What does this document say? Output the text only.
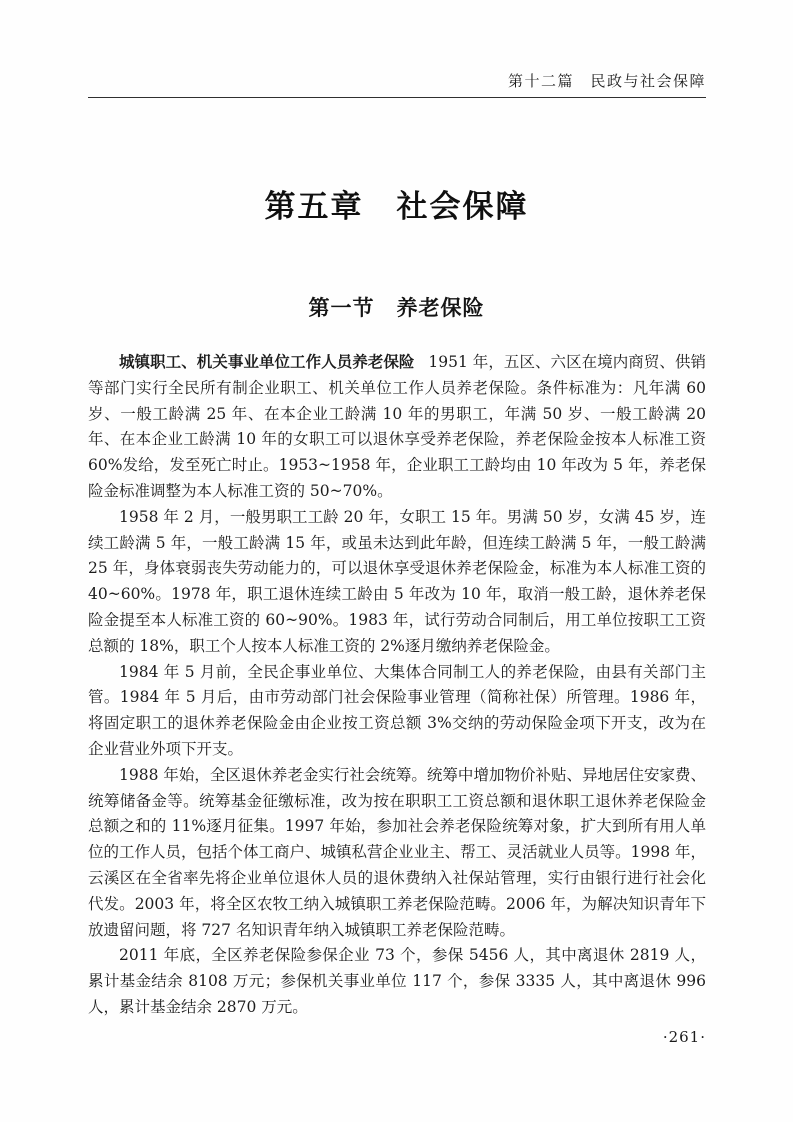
第十二篇　民政与社会保障
第五章　社会保障
第一节　养老保险

城镇职工、机关事业单位工作人员养老保险 1951 年，五区、六区在境内商贸、供销等部门实行全民所有制企业职工、机关单位工作人员养老保险。条件标准为：凡年满 60 岁、一般工龄满 25 年、在本企业工龄满 10 年的男职工，年满 50 岁、一般工龄满 20 年、在本企业工龄满 10 年的女职工可以退休享受养老保险，养老保险金按本人标准工资 60%发给，发至死亡时止。1953~1958 年，企业职工工龄均由 10 年改为 5 年，养老保险金标准调整为本人标准工资的 50~70%。

1958 年 2 月，一般男职工工龄 20 年，女职工 15 年。男满 50 岁，女满 45 岁，连续工龄满 5 年，一般工龄满 15 年，或虽未达到此年龄，但连续工龄满 5 年，一般工龄满 25 年，身体衰弱丧失劳动能力的，可以退休享受退休养老保险金，标准为本人标准工资的 40~60%。1978 年，职工退休连续工龄由 5 年改为 10 年，取消一般工龄，退休养老保险金提至本人标准工资的 60~90%。1983 年，试行劳动合同制后，用工单位按职工工资总额的 18%，职工个人按本人标准工资的 2%逐月缴纳养老保险金。

1984 年 5 月前，全民企事业单位、大集体合同制工人的养老保险，由县有关部门主管。1984 年 5 月后，由市劳动部门社会保险事业管理（简称社保）所管理。1986 年，将固定职工的退休养老保险金由企业按工资总额 3%交纳的劳动保险金项下开支，改为在企业营业外项下开支。

1988 年始，全区退休养老金实行社会统筹。统筹中增加物价补贴、异地居住安家费、统筹储备金等。统筹基金征缴标准，改为按在职职工工资总额和退休职工退休养老保险金总额之和的 11%逐月征集。1997 年始，参加社会养老保险统筹对象，扩大到所有用人单位的工作人员，包括个体工商户、城镇私营企业业主、帮工、灵活就业人员等。1998 年，云溪区在全省率先将企业单位退休人员的退休费纳入社保站管理，实行由银行进行社会化代发。2003 年，将全区农牧工纳入城镇职工养老保险范畴。2006 年，为解决知识青年下放遗留问题，将 727 名知识青年纳入城镇职工养老保险范畴。

2011 年底，全区养老保险参保企业 73 个，参保 5456 人，其中离退休 2819 人，累计基金结余 8108 万元；参保机关事业单位 117 个，参保 3335 人，其中离退休 996 人，累计基金结余 2870 万元。

·261·
